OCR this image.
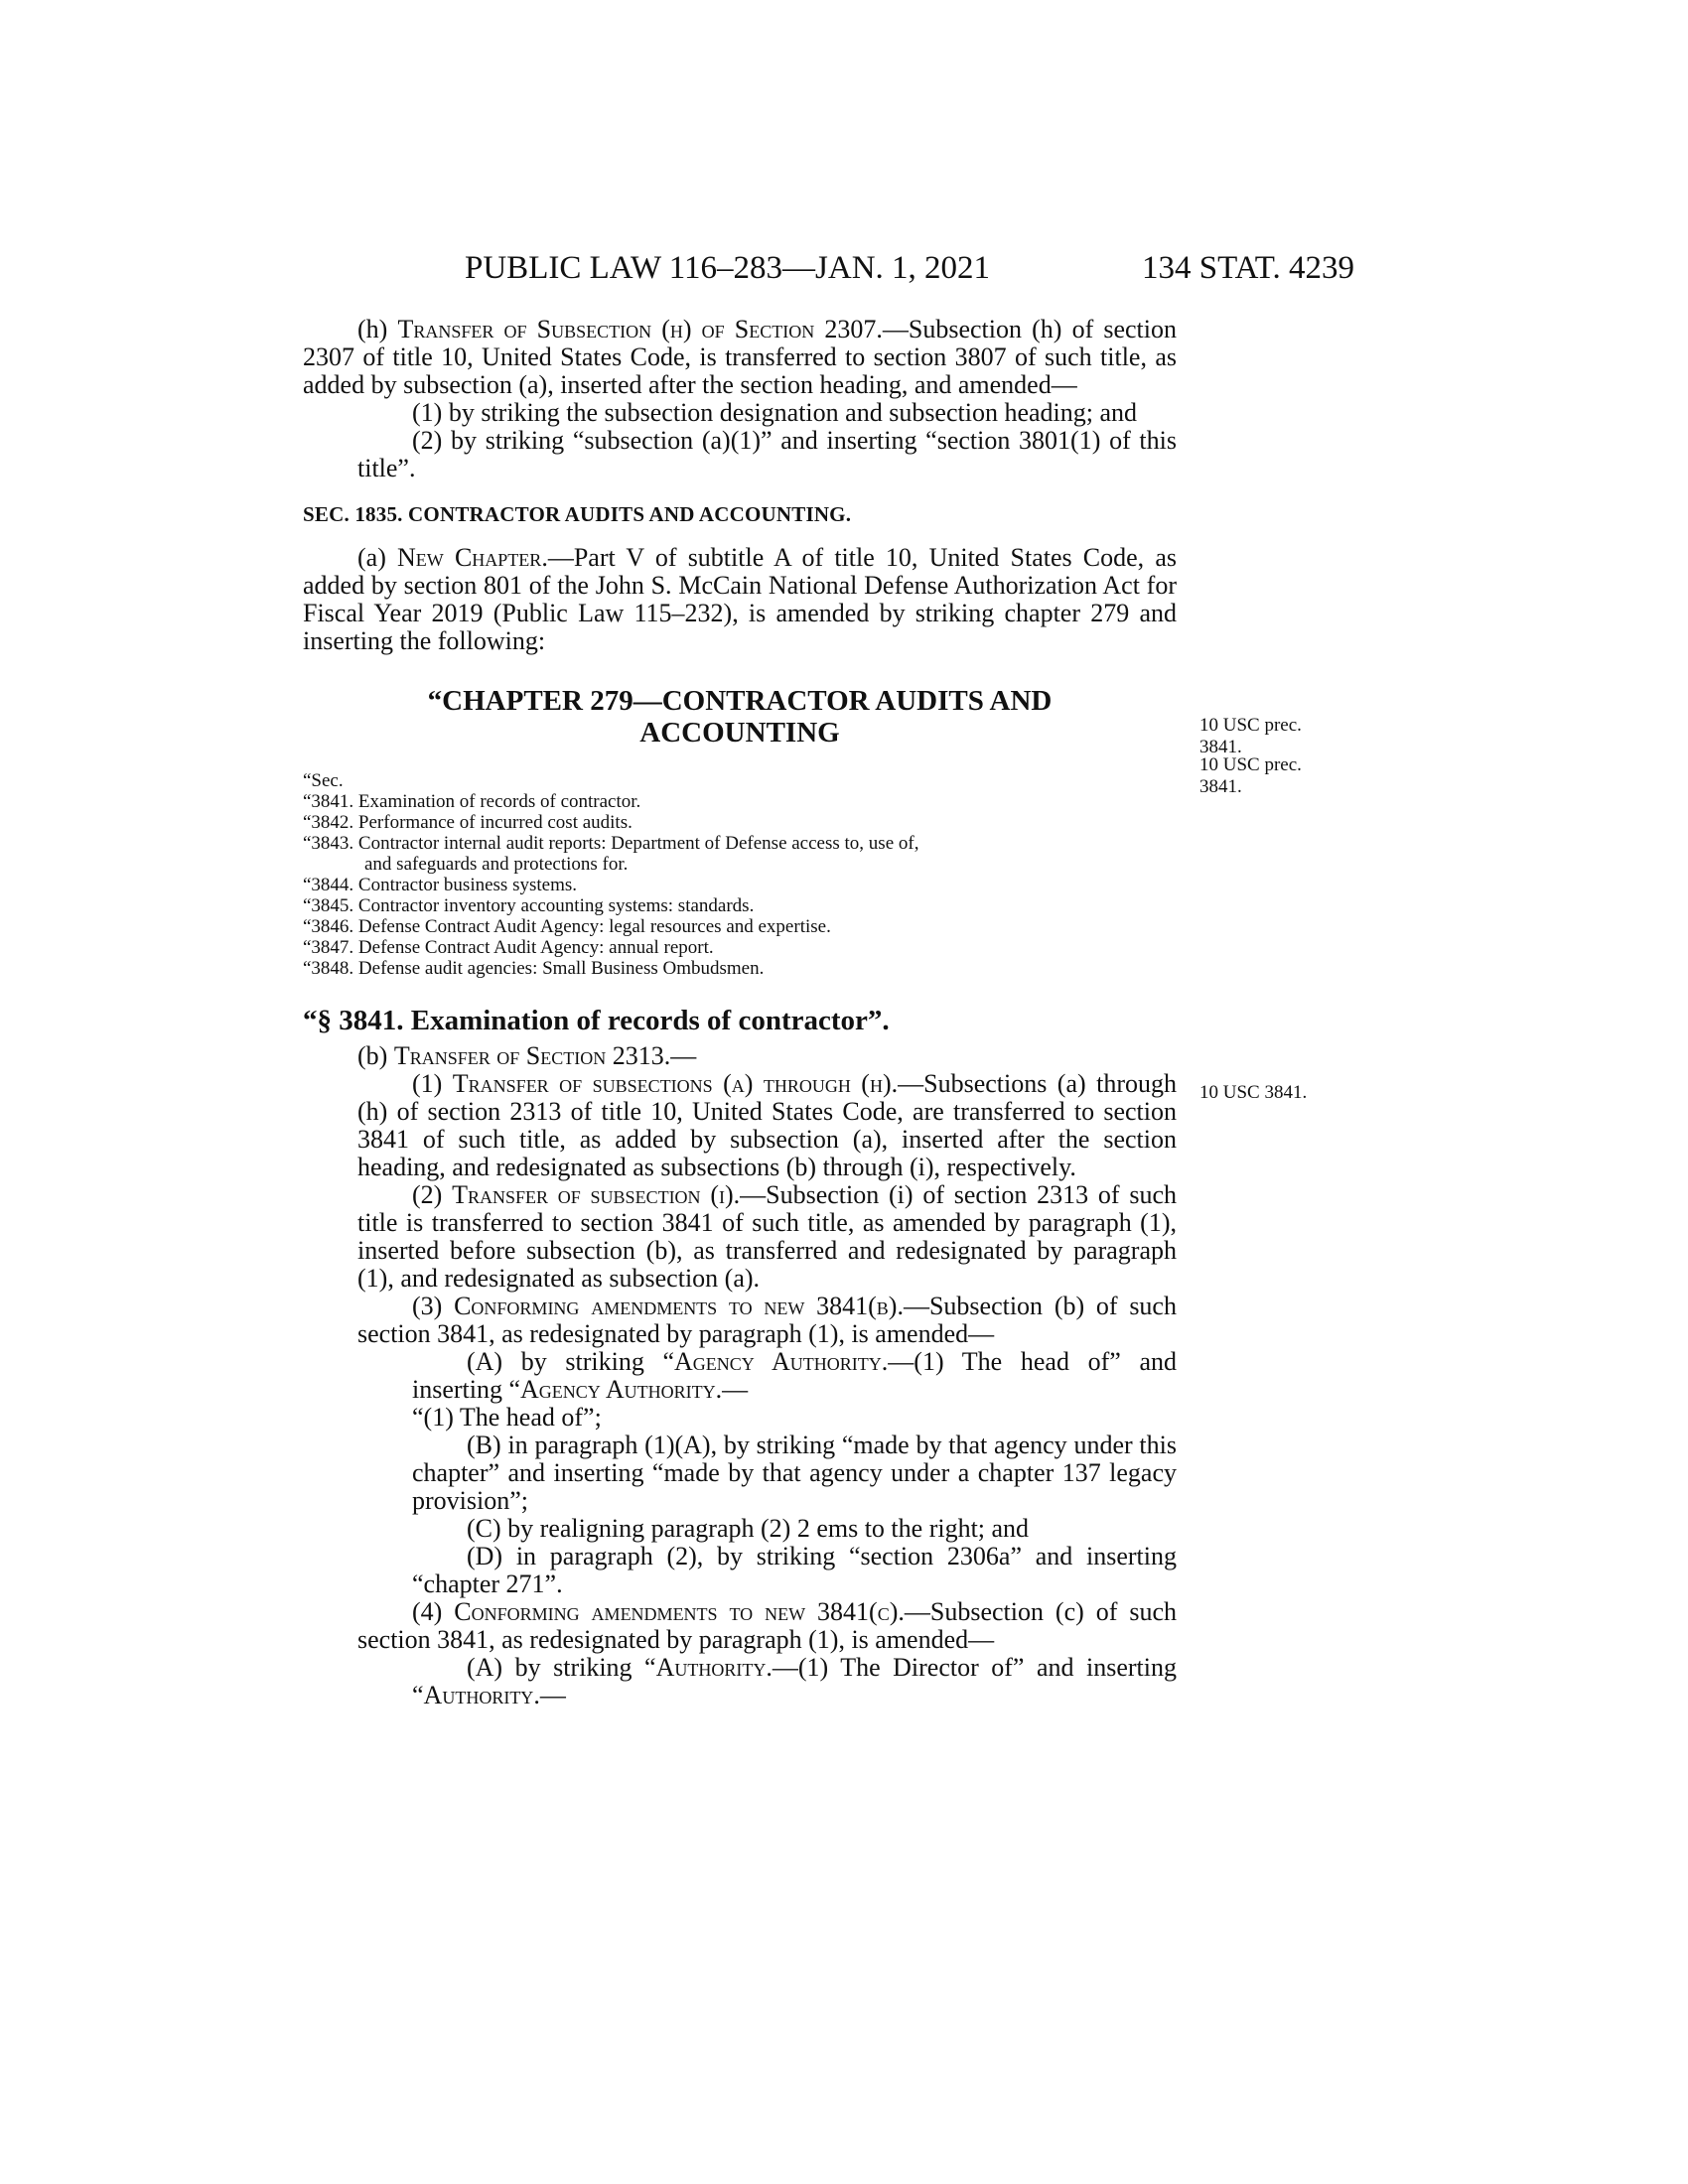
PUBLIC LAW 116–283—JAN. 1, 2021	134 STAT. 4239

(h) Transfer of Subsection (h) of Section 2307.—Subsection (h) of section 2307 of title 10, United States Code, is transferred to section 3807 of such title, as added by subsection (a), inserted after the section heading, and amended—

(1) by striking the subsection designation and subsection heading; and

(2) by striking “subsection (a)(1)” and inserting “section 3801(1) of this title”.

SEC. 1835. CONTRACTOR AUDITS AND ACCOUNTING.

(a) New Chapter.—Part V of subtitle A of title 10, United States Code, as added by section 801 of the John S. McCain National Defense Authorization Act for Fiscal Year 2019 (Public Law 115–232), is amended by striking chapter 279 and inserting the following:

“CHAPTER 279—CONTRACTOR AUDITS AND
ACCOUNTING

“Sec.

“3841. Examination of records of contractor.

“3842. Performance of incurred cost audits.

“3843. Contractor internal audit reports: Department of Defense access to, use of,

and safeguards and protections for.

“3844. Contractor business systems.

“3845. Contractor inventory accounting systems: standards.

“3846. Defense Contract Audit Agency: legal resources and expertise.

“3847. Defense Contract Audit Agency: annual report.

“3848. Defense audit agencies: Small Business Ombudsmen.

“§ 3841. Examination of records of contractor”.

(b) Transfer of Section 2313.—

(1) Transfer of subsections (a) through (h).—Subsections (a) through (h) of section 2313 of title 10, United States Code, are transferred to section 3841 of such title, as added by subsection (a), inserted after the section heading, and redesignated as subsections (b) through (i), respectively.

(2) Transfer of subsection (i).—Subsection (i) of section 2313 of such title is transferred to section 3841 of such title, as amended by paragraph (1), inserted before subsection (b), as transferred and redesignated by paragraph (1), and redesignated as subsection (a).

(3) Conforming amendments to new 3841(b).—Subsection (b) of such section 3841, as redesignated by paragraph (1), is amended—

(A) by striking “Agency Authority.—(1) The head of” and inserting “Agency Authority.—

“(1) The head of”;

(B) in paragraph (1)(A), by striking “made by that agency under this chapter” and inserting “made by that agency under a chapter 137 legacy provision”;

(C) by realigning paragraph (2) 2 ems to the right; and

(D) in paragraph (2), by striking “section 2306a” and inserting “chapter 271”.

(4) Conforming amendments to new 3841(c).—Subsection (c) of such section 3841, as redesignated by paragraph (1), is amended—

(A) by striking “Authority.—(1) The Director of” and inserting “Authority.—

10 USC prec. 3841.
10 USC prec. 3841.
10 USC 3841.
